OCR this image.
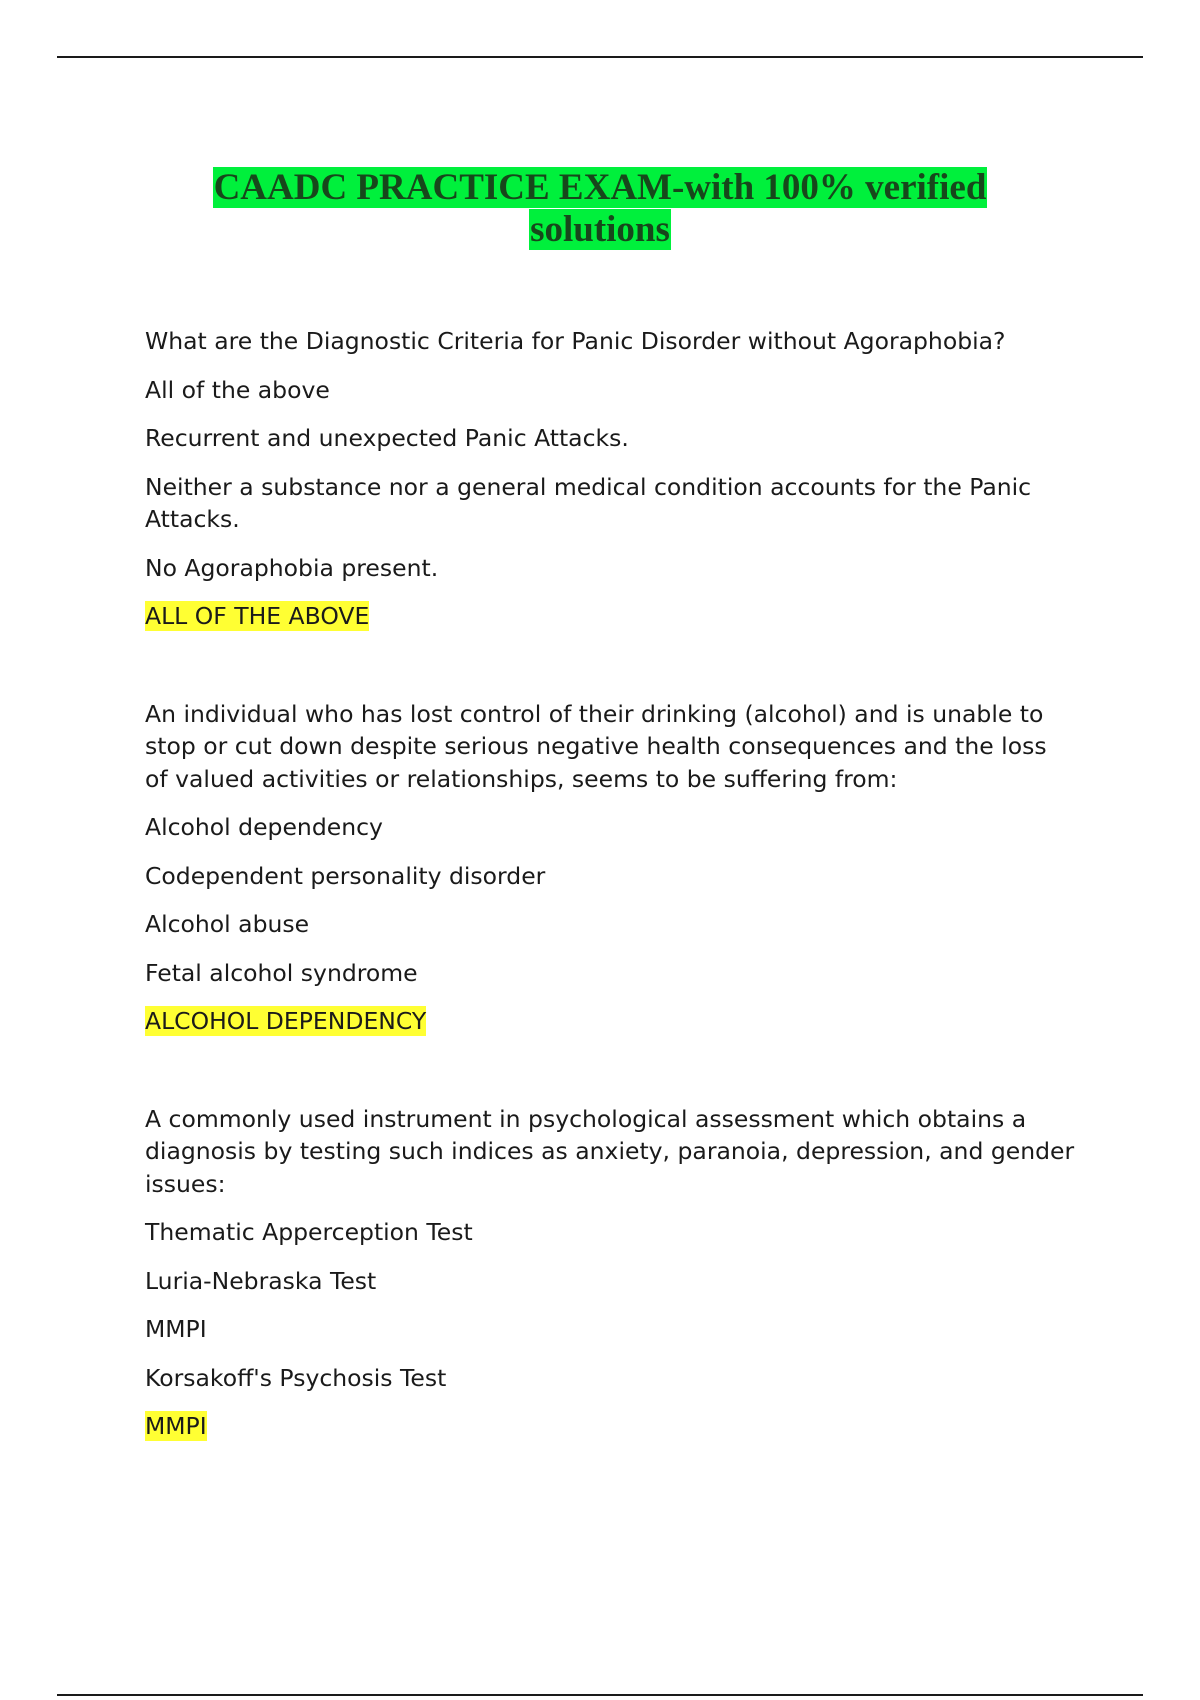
CAADC PRACTICE EXAM-with 100% verified solutions

What are the Diagnostic Criteria for Panic Disorder without Agoraphobia?

All of the above

Recurrent and unexpected Panic Attacks.

Neither a substance nor a general medical condition accounts for the Panic Attacks.

No Agoraphobia present.

ALL OF THE ABOVE

An individual who has lost control of their drinking (alcohol) and is unable to stop or cut down despite serious negative health consequences and the loss of valued activities or relationships, seems to be suffering from:

Alcohol dependency

Codependent personality disorder

Alcohol abuse

Fetal alcohol syndrome

ALCOHOL DEPENDENCY

A commonly used instrument in psychological assessment which obtains a diagnosis by testing such indices as anxiety, paranoia, depression, and gender issues:

Thematic Apperception Test

Luria-Nebraska Test

MMPI

Korsakoff's Psychosis Test

MMPI
